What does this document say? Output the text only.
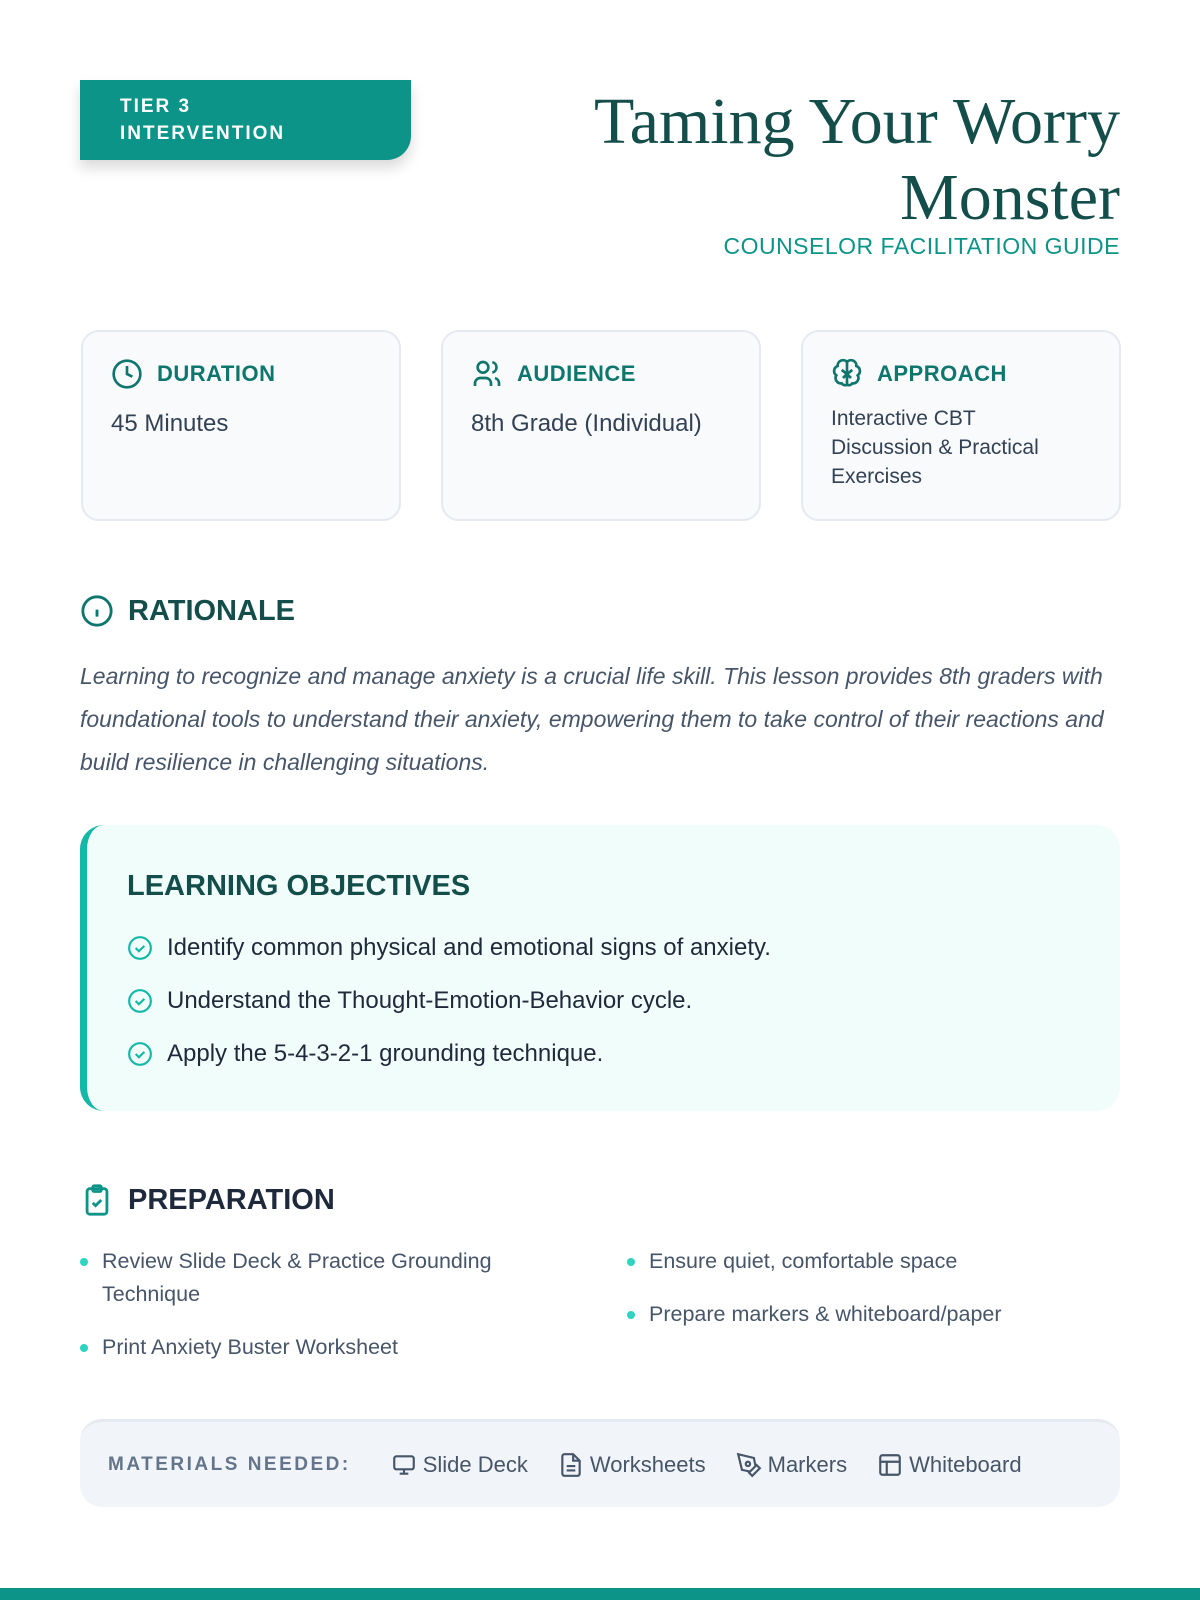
TIER 3
INTERVENTION	Taming Your Worry Monster
COUNSELOR FACILITATION GUIDE
DURATION
45 Minutes
AUDIENCE
8th Grade (Individual)
APPROACH
Interactive CBT Discussion & Practical Exercises
RATIONALE

Learning to recognize and manage anxiety is a crucial life skill. This lesson provides 8th graders with foundational tools to understand their anxiety, empowering them to take control of their reactions and build resilience in challenging situations.

LEARNING OBJECTIVES
Identify common physical and emotional signs of anxiety.
Understand the Thought-Emotion-Behavior cycle.
Apply the 5-4-3-2-1 grounding technique.
PREPARATION
Review Slide Deck & Practice Grounding Technique
Print Anxiety Buster Worksheet
Ensure quiet, comfortable space
Prepare markers & whiteboard/paper
MATERIALS NEEDED:	Slide Deck	Worksheets	Markers	Whiteboard
